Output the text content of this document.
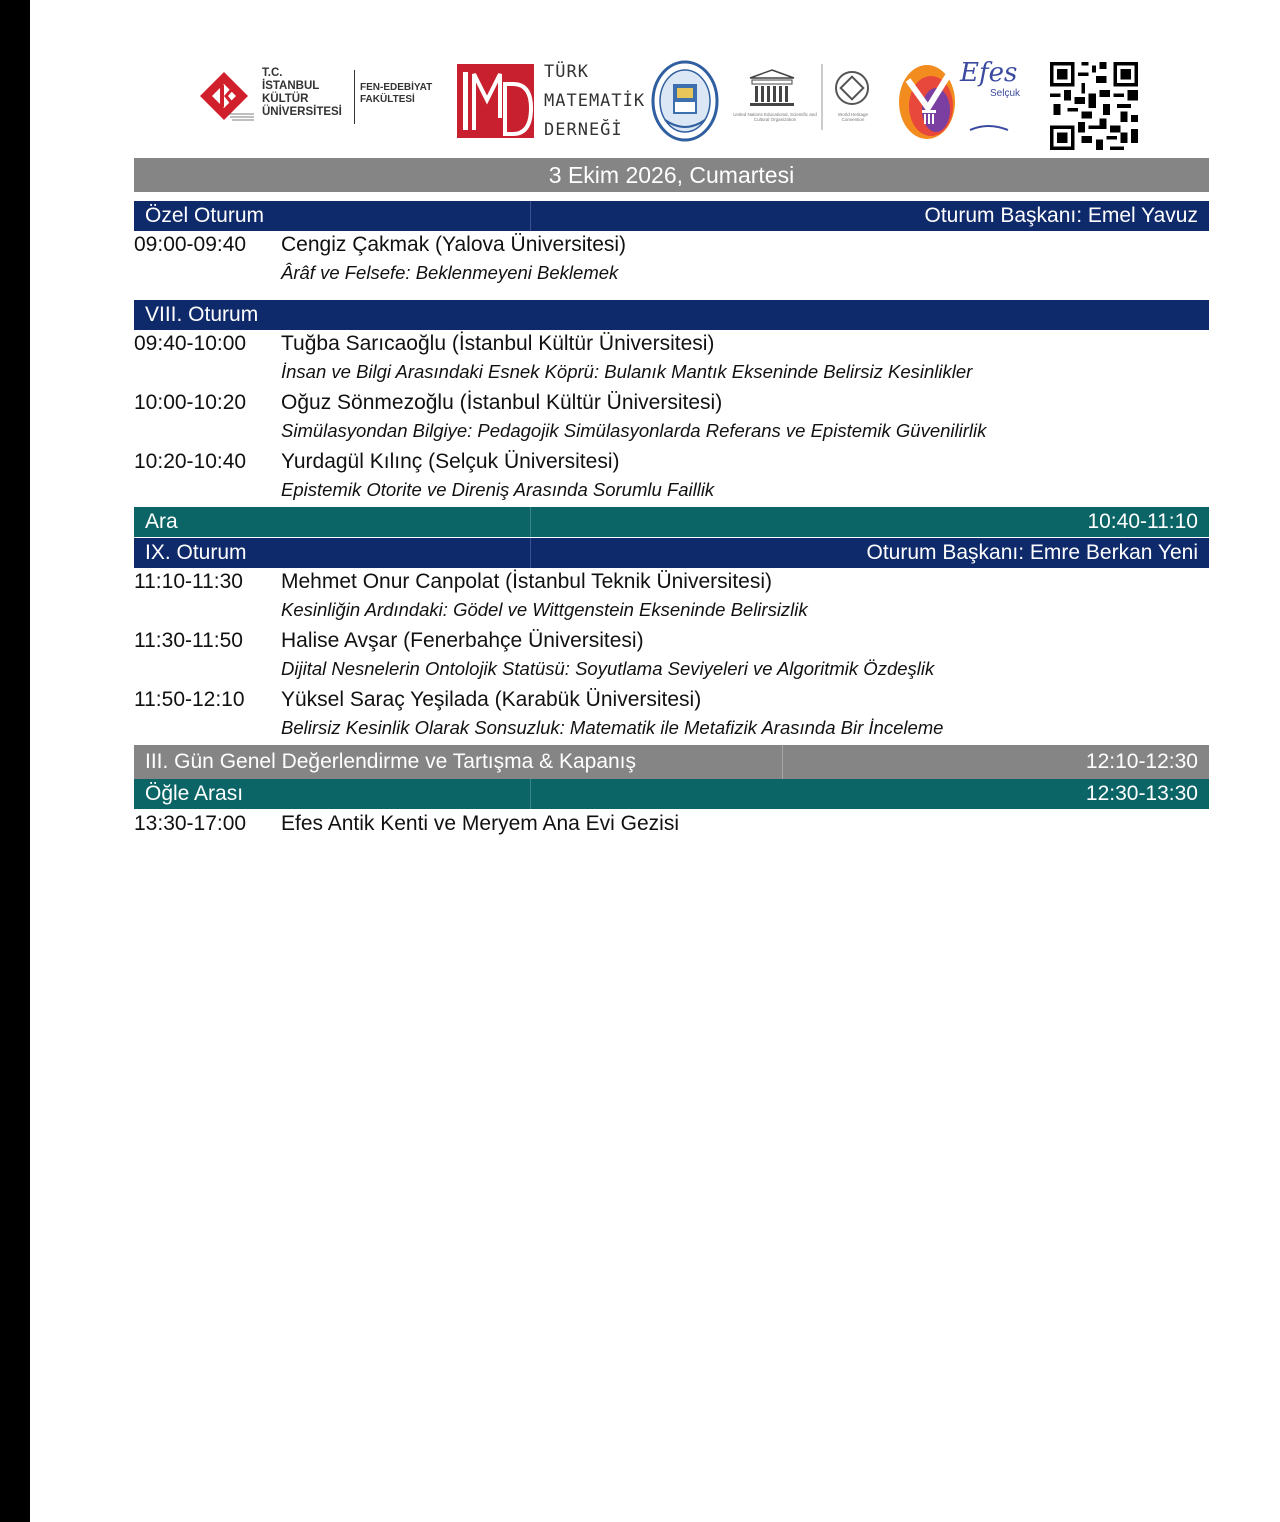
T.C.
İSTANBUL
KÜLTÜR
ÜNİVERSİTESİ
FEN-EDEBİYAT
FAKÜLTESİ
TÜRK
MATEMATİK
DERNEĞİ
United Nations Educational, Scientific and Cultural Organization
World Heritage Convention
Efes
Selçuk
3 Ekim 2026, Cumartesi
Özel Oturum	Oturum Başkanı: Emel Yavuz
09:00-09:40 Cengiz Çakmak (Yalova Üniversitesi)
Ârâf ve Felsefe: Beklenmeyeni Beklemek
VIII. Oturum
09:40-10:00 Tuğba Sarıcaoğlu (İstanbul Kültür Üniversitesi)
İnsan ve Bilgi Arasındaki Esnek Köprü: Bulanık Mantık Ekseninde Belirsiz Kesinlikler
10:00-10:20 Oğuz Sönmezoğlu (İstanbul Kültür Üniversitesi)
Simülasyondan Bilgiye: Pedagojik Simülasyonlarda Referans ve Epistemik Güvenilirlik
10:20-10:40 Yurdagül Kılınç (Selçuk Üniversitesi)
Epistemik Otorite ve Direniş Arasında Sorumlu Faillik
Ara	10:40-11:10
IX. Oturum	Oturum Başkanı: Emre Berkan Yeni
11:10-11:30 Mehmet Onur Canpolat (İstanbul Teknik Üniversitesi)
Kesinliğin Ardındaki: Gödel ve Wittgenstein Ekseninde Belirsizlik
11:30-11:50 Halise Avşar (Fenerbahçe Üniversitesi)
Dijital Nesnelerin Ontolojik Statüsü: Soyutlama Seviyeleri ve Algoritmik Özdeşlik
11:50-12:10 Yüksel Saraç Yeşilada (Karabük Üniversitesi)
Belirsiz Kesinlik Olarak Sonsuzluk: Matematik ile Metafizik Arasında Bir İnceleme
III. Gün Genel Değerlendirme ve Tartışma & Kapanış	12:10-12:30
Öğle Arası	12:30-13:30
13:30-17:00 Efes Antik Kenti ve Meryem Ana Evi Gezisi
